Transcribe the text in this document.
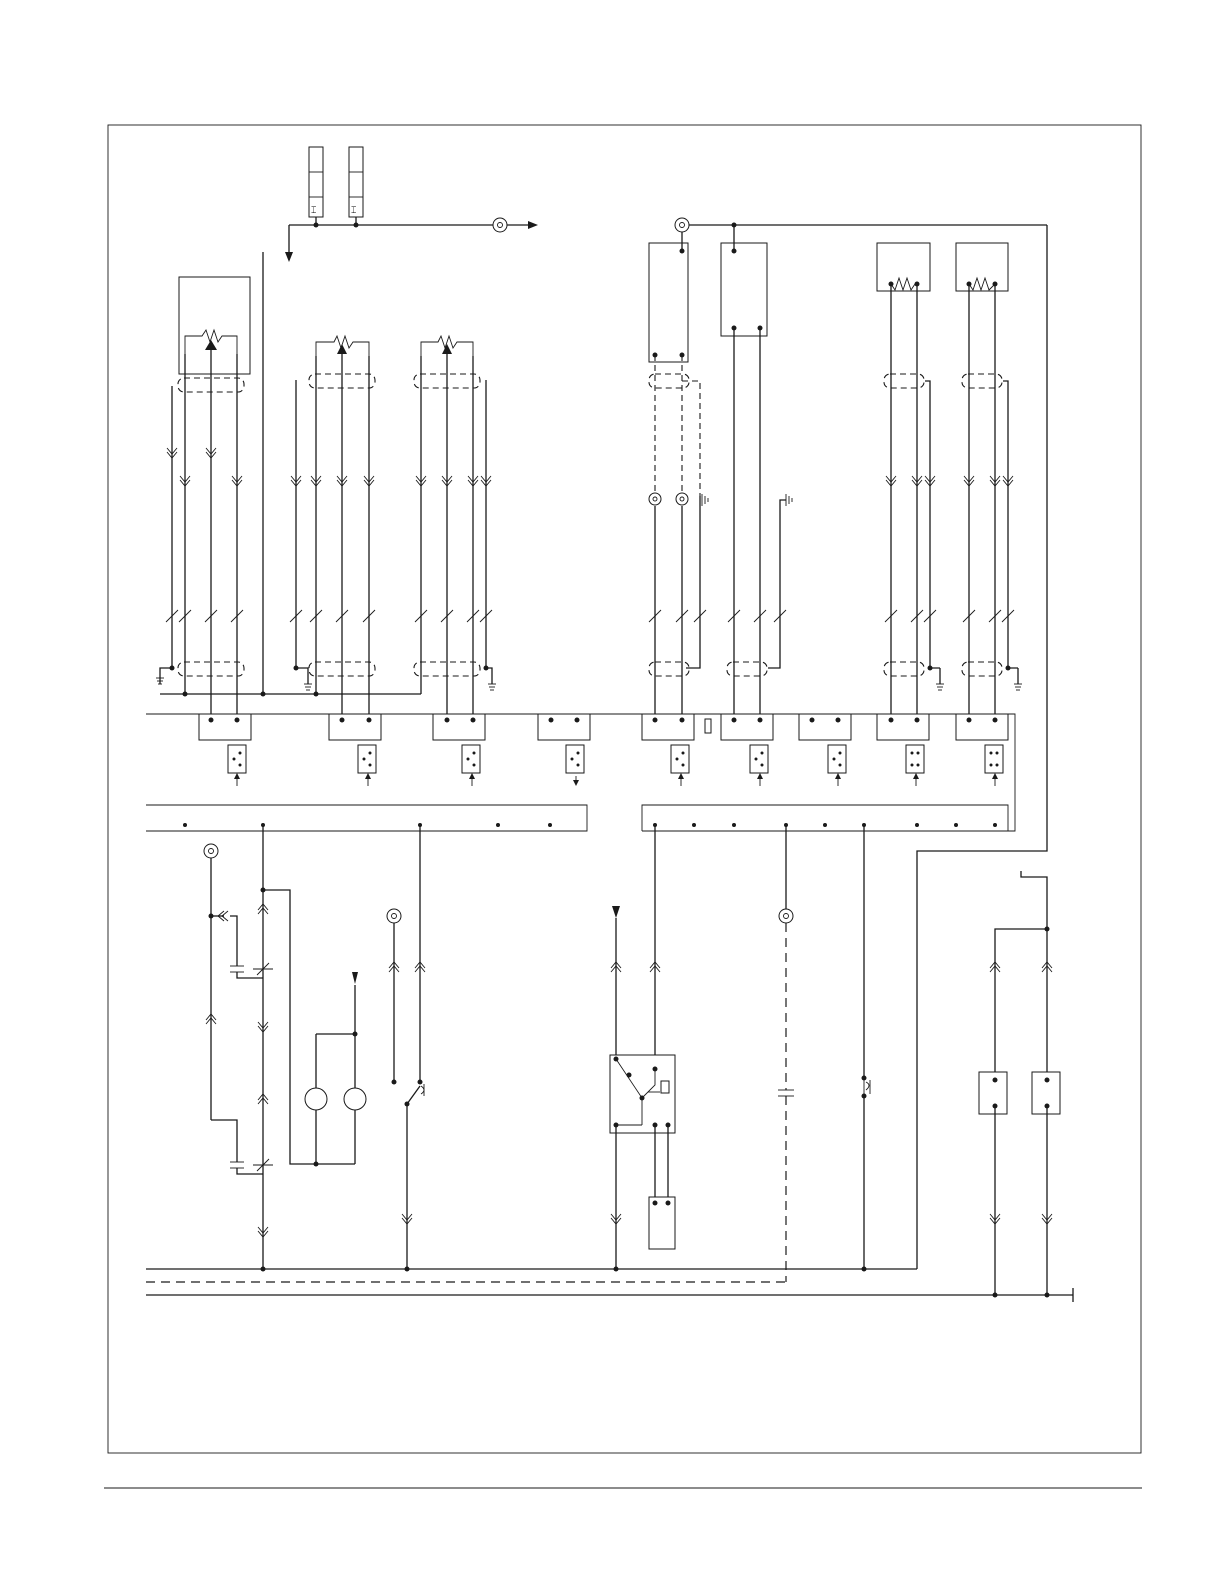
⌶	⌶
